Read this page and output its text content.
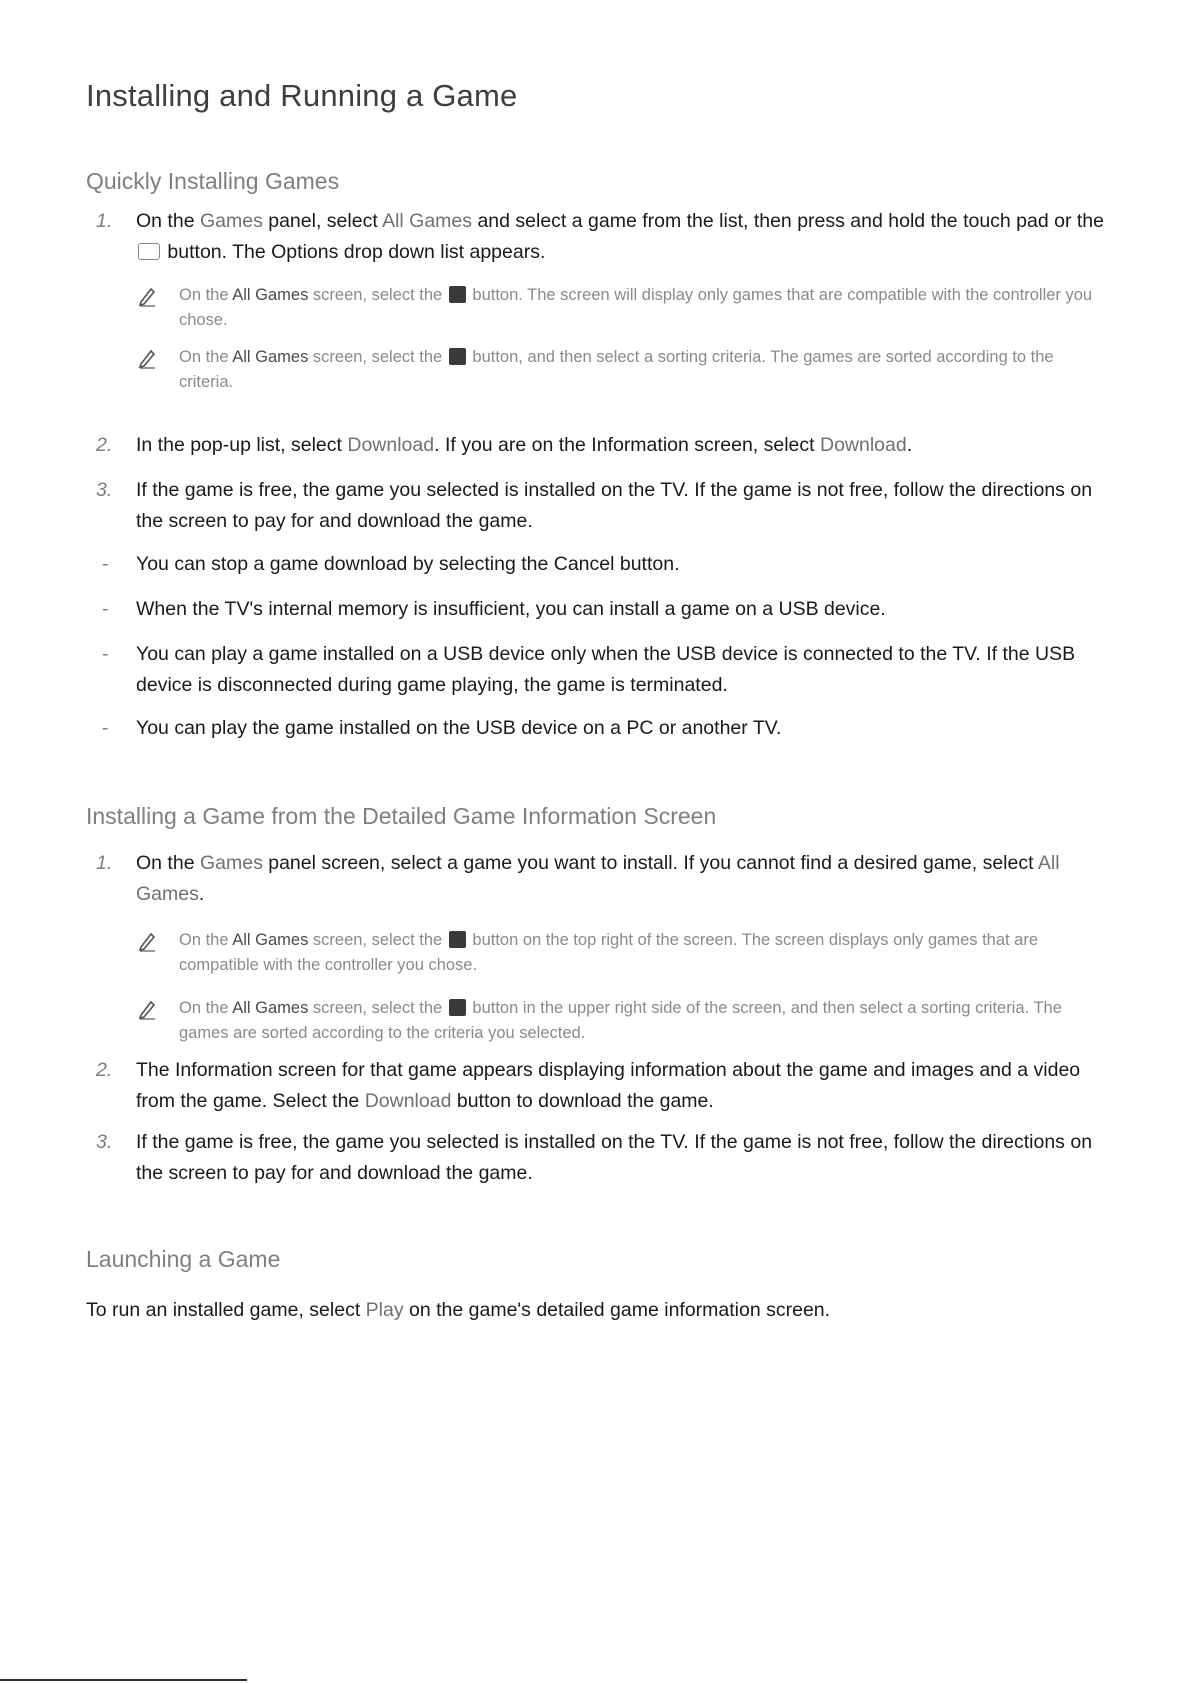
Installing and Running a Game
Quickly Installing Games
1. On the Games panel, select All Games and select a game from the list, then press and hold the touch pad or the  button. The Options drop down list appears.
On the All Games screen, select the  button. The screen will display only games that are compatible with the controller you chose.
On the All Games screen, select the  button, and then select a sorting criteria. The games are sorted according to the criteria.
2. In the pop-up list, select Download. If you are on the Information screen, select Download.
3. If the game is free, the game you selected is installed on the TV. If the game is not free, follow the directions on the screen to pay for and download the game.
- You can stop a game download by selecting the Cancel button.
- When the TV's internal memory is insufficient, you can install a game on a USB device.
- You can play a game installed on a USB device only when the USB device is connected to the TV. If the USB device is disconnected during game playing, the game is terminated.
- You can play the game installed on the USB device on a PC or another TV.
Installing a Game from the Detailed Game Information Screen
1. On the Games panel screen, select a game you want to install. If you cannot find a desired game, select All Games.
On the All Games screen, select the  button on the top right of the screen. The screen displays only games that are compatible with the controller you chose.
On the All Games screen, select the  button in the upper right side of the screen, and then select a sorting criteria. The games are sorted according to the criteria you selected.
2. The Information screen for that game appears displaying information about the game and images and a video from the game. Select the Download button to download the game.
3. If the game is free, the game you selected is installed on the TV. If the game is not free, follow the directions on the screen to pay for and download the game.
Launching a Game
To run an installed game, select Play on the game's detailed game information screen.
